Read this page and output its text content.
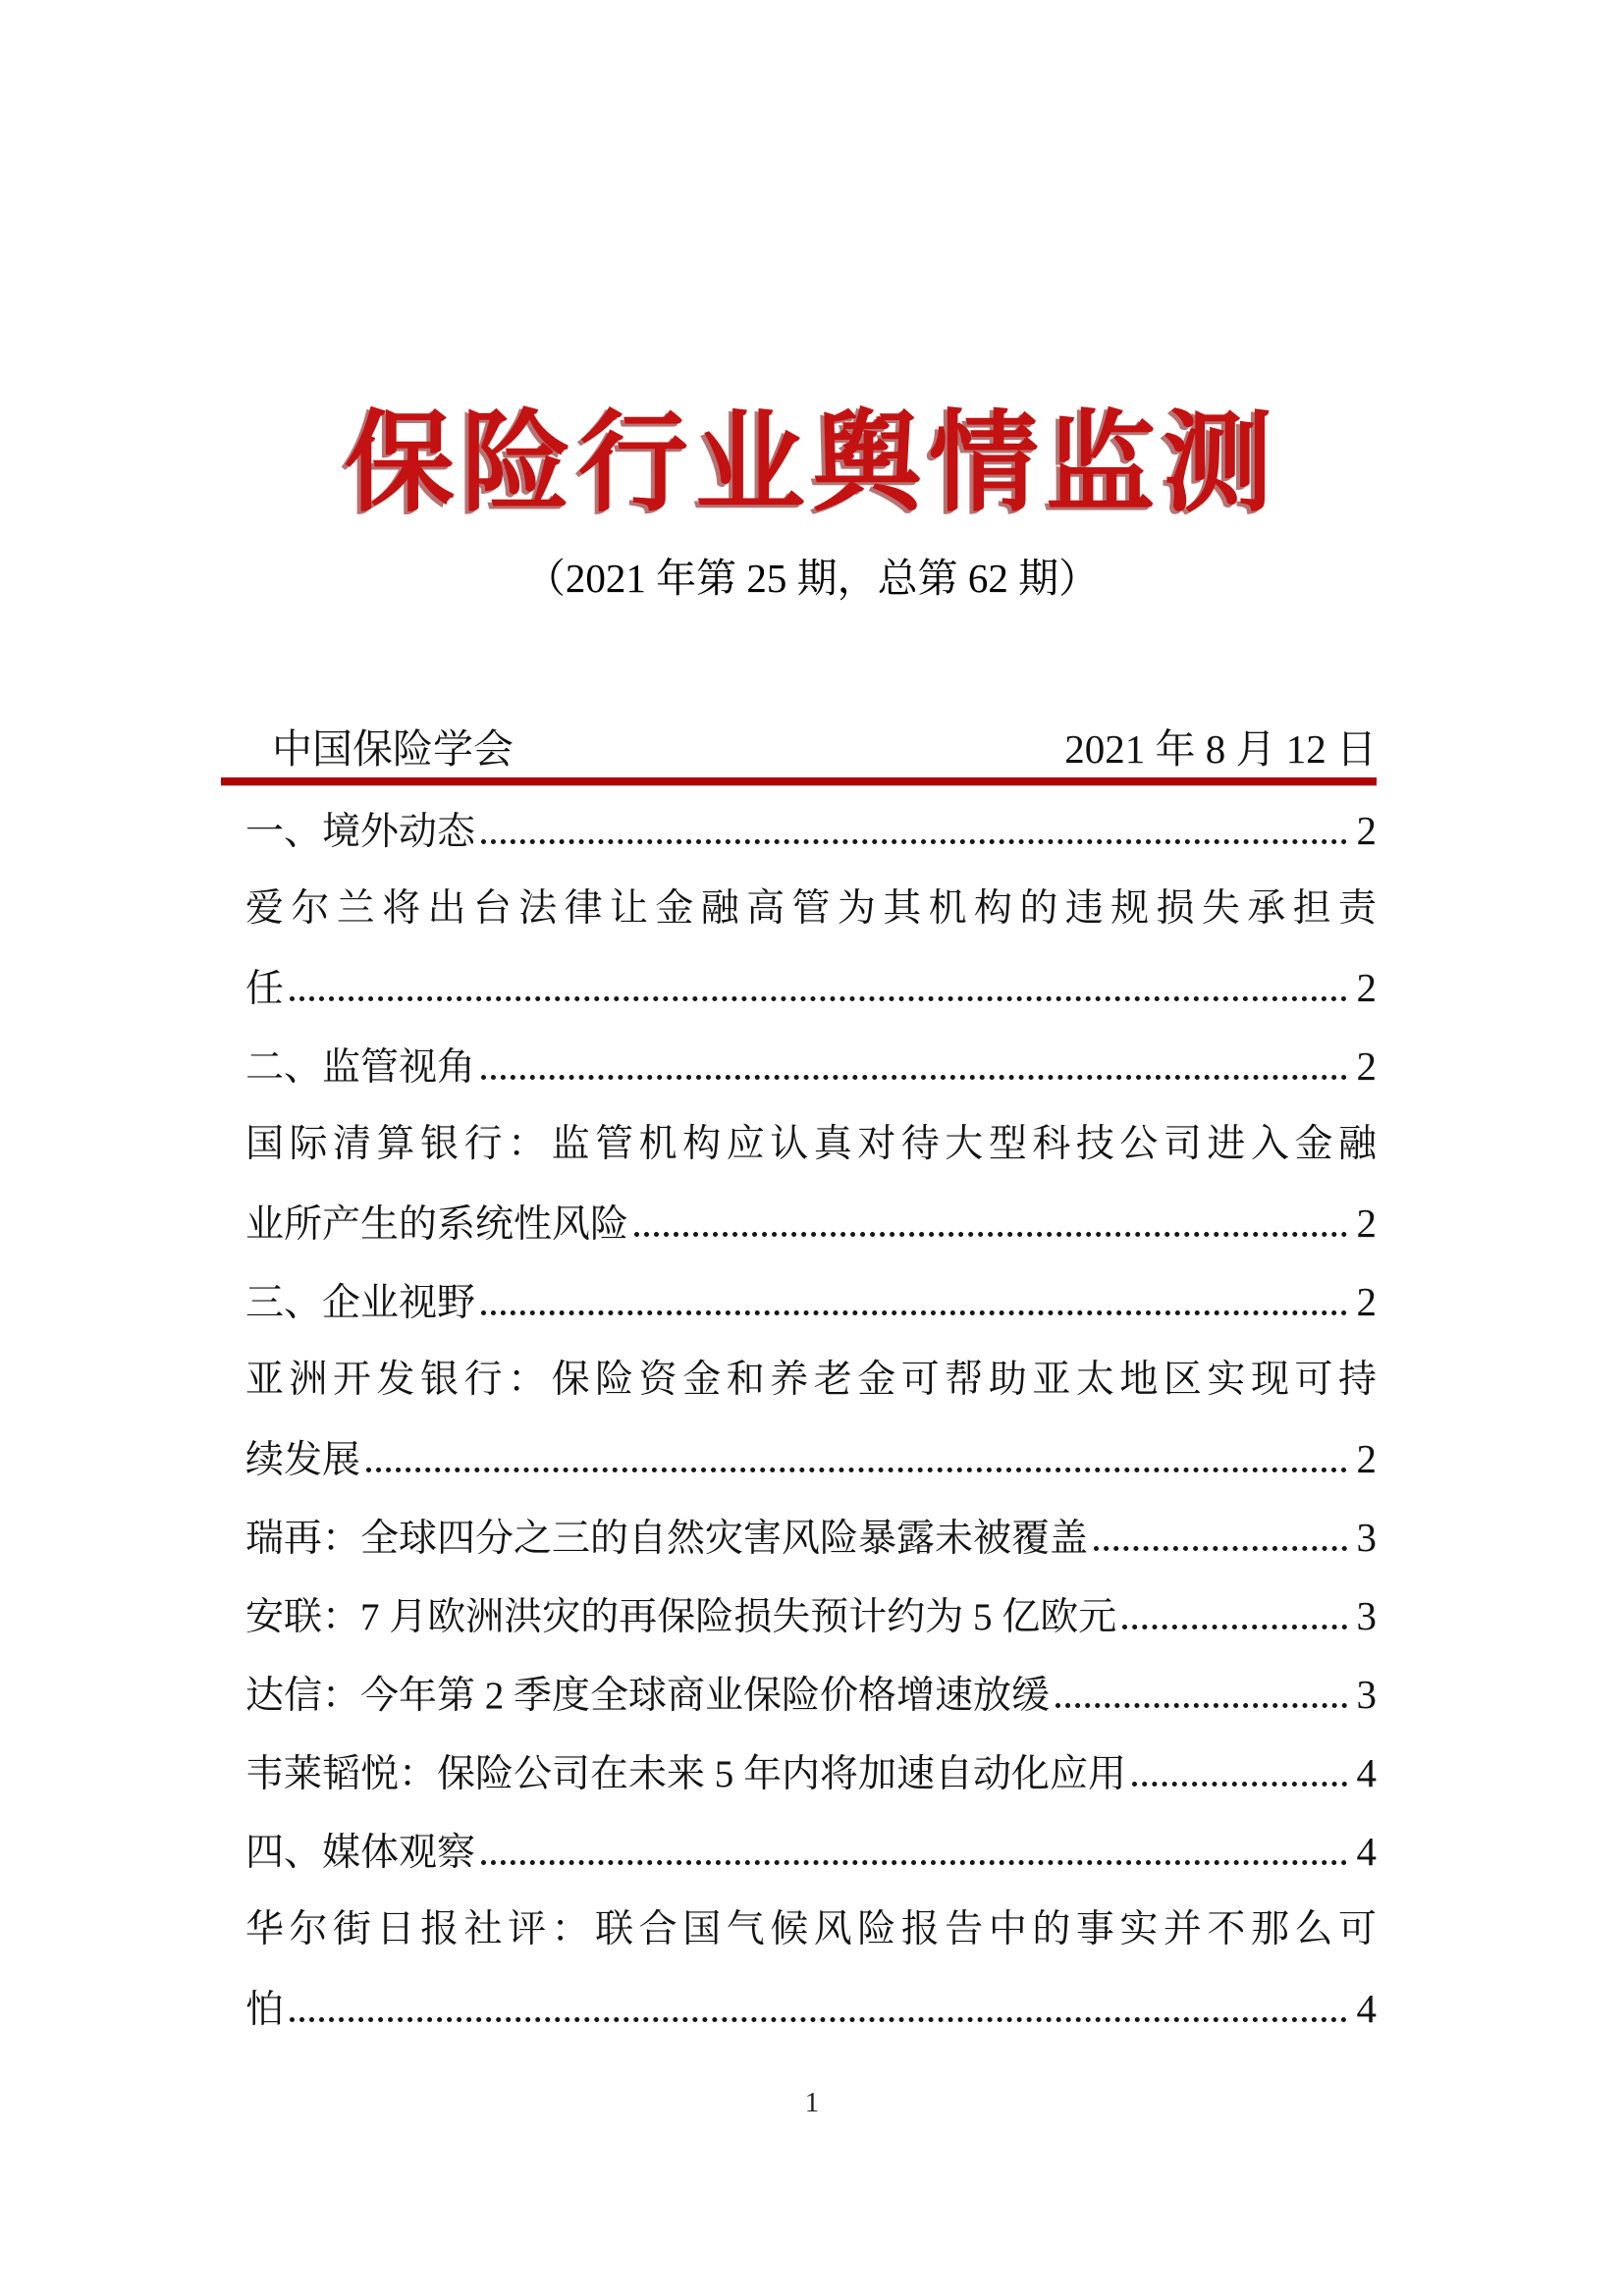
保险行业舆情监测
（2021 年第 25 期，总第 62 期）
中国保险学会	2021 年 8 月 12 日
一、境外动态	2
爱尔兰将出台法律让金融高管为其机构的违规损失承担责
任	2
二、监管视角	2
国际清算银行：监管机构应认真对待大型科技公司进入金融
业所产生的系统性风险	2
三、企业视野	2
亚洲开发银行：保险资金和养老金可帮助亚太地区实现可持
续发展	2
瑞再：全球四分之三的自然灾害风险暴露未被覆盖	3
安联：7 月欧洲洪灾的再保险损失预计约为 5 亿欧元	3
达信：今年第 2 季度全球商业保险价格增速放缓	3
韦莱韬悦：保险公司在未来 5 年内将加速自动化应用	4
四、媒体观察	4
华尔街日报社评：联合国气候风险报告中的事实并不那么可
怕	4
1
